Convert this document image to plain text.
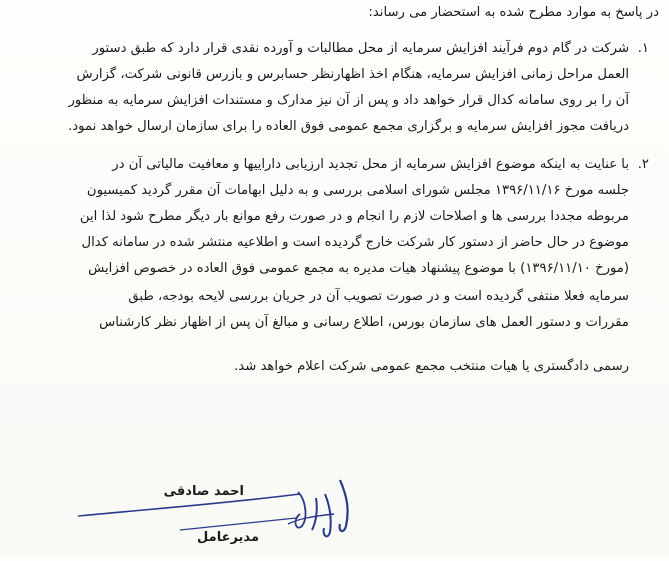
در پاسخ به موارد مطرح شده به استحضار می رساند:
۱.
شرکت در گام دوم فرآیند افزایش سرمایه از محل مطالبات و آورده نقدی قرار دارد که طبق دستور
العمل مراحل زمانی افزایش سرمایه، هنگام اخذ اظهارنظر حسابرس و بازرس قانونی شرکت، گزارش
آن را بر روی سامانه کدال قرار خواهد داد و پس از آن نیز مدارک و مستندات افزایش سرمایه به منظور
دریافت مجوز افزایش سرمایه و برگزاری مجمع عمومی فوق العاده را برای سازمان ارسال خواهد نمود.
۲.
با عنایت به اینکه موضوع افزایش سرمایه از محل تجدید ارزیابی داراییها و معافیت مالیاتی آن در
جلسه مورخ ۱۳۹۶/۱۱/۱۶ مجلس شورای اسلامی بررسی و به دلیل ابهامات آن مقرر گردید کمیسیون
مربوطه مجددا بررسی ها و اصلاحات لازم را انجام و در صورت رفع موانع بار دیگر مطرح شود لذا این
موضوع در حال حاضر از دستور کار شرکت خارج گردیده است و اطلاعیه منتشر شده در سامانه کدال
(مورخ ۱۳۹۶/۱۱/۱۰) با موضوع پیشنهاد هیات مدیره به مجمع عمومی فوق العاده در خصوص افزایش
سرمایه فعلا منتفی گردیده است و در صورت تصویب آن در جریان بررسی لایحه بودجه، طبق
مقررات و دستور العمل های سازمان بورس، اطلاع رسانی و مبالغ آن پس از اظهار نظر کارشناس
رسمی دادگستری یا هیات منتخب مجمع عمومی شرکت اعلام خواهد شد.
احمد صادقی
مدیرعامل
